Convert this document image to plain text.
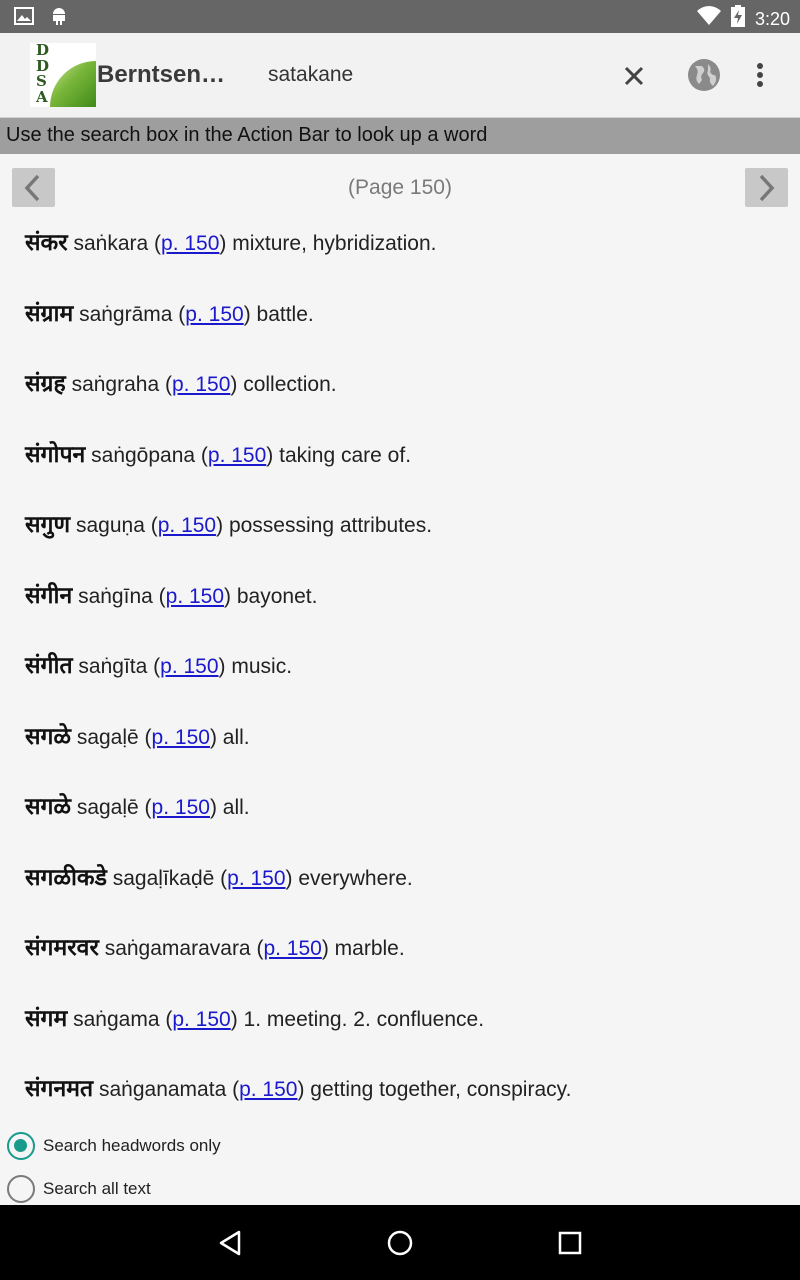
3:20
D
D
S
A
Berntsen… satakane
Use the search box in the Action Bar to look up a word
(Page 150)
संकर saṅkara (p. 150) mixture, hybridization.
संग्राम saṅgrāma (p. 150) battle.
संग्रह saṅgraha (p. 150) collection.
संगोपन saṅgōpana (p. 150) taking care of.
सगुण saguṇa (p. 150) possessing attributes.
संगीन saṅgīna (p. 150) bayonet.
संगीत saṅgīta (p. 150) music.
सगळे sagaḷē (p. 150) all.
सगळे sagaḷē (p. 150) all.
सगळीकडे sagaḷīkaḍē (p. 150) everywhere.
संगमरवर saṅgamaravara (p. 150) marble.
संगम saṅgama (p. 150) 1. meeting. 2. confluence.
संगनमत saṅganamata (p. 150) getting together, conspiracy.
Search headwords only
Search all text
